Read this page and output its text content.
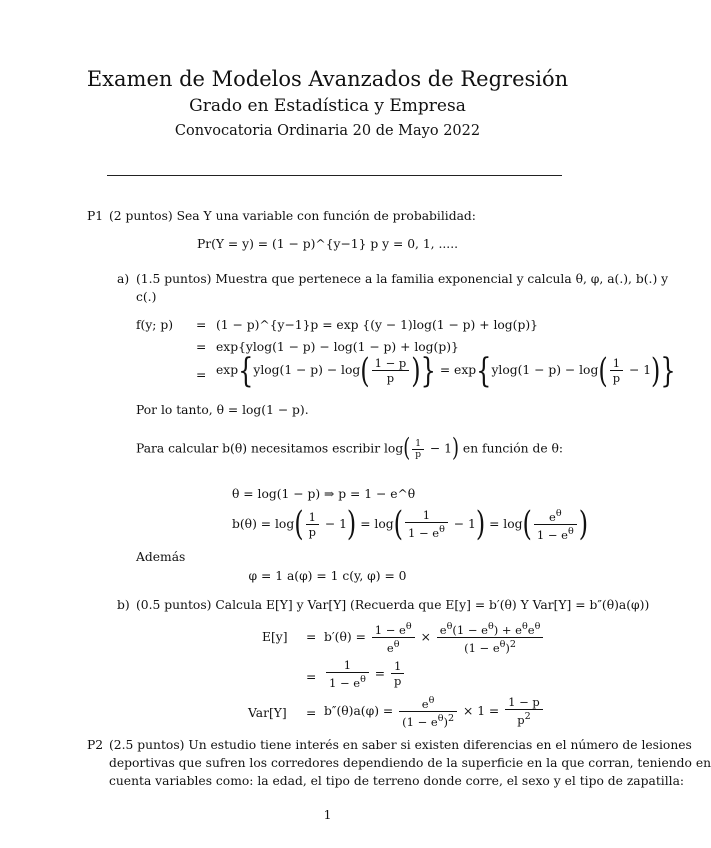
Examen de Modelos Avanzados de Regresión
Grado en Estadística y Empresa
Convocatoria Ordinaria 20 de Mayo 2022
P1 (2 puntos) Sea Y una variable con función de probabilidad:
Pr(Y = y) = (1 − p)^{y−1} p y = 0, 1, .....
a) (1.5 puntos) Muestra que pertenece a la familia exponencial y calcula θ, φ, a(.), b(.) y
c(.)
f(y; p) = (1 − p)^{y−1}p = exp {(y − 1)log(1 − p) + log(p)}
= exp{ylog(1 − p) − log(1 − p) + log(p)}
= $\exp\{ylog(1 - p) - \log( \frac{1 - p}{p}$ )} = $\exp\{ylog(1 - p) - \log( \frac{1}{p} - 1)\}$
Por lo tanto, θ = log(1 − p).
Para calcular b(θ) necesitamos escribir $\log( \frac{1}{p} - 1)$ en función de θ:
θ = log(1 − p) ⇒ p = 1 − e^θ
$b(\theta) = \log( \frac{1}{p} - 1) = \log( \frac{1}{1 - e^\theta} - 1) = \log( \frac{e^\theta}{1 - e^\theta}$ )
Además
φ = 1 a(φ) = 1 c(y, φ) = 0
b) (0.5 puntos) Calcula E[Y] y Var[Y] (Recuerda que E[y] = b′(θ) Y Var[Y] = b″(θ)a(φ))
$E[y] = b'(\theta) = \frac{1 - e^\theta}{e^\theta} \times \frac{e^\theta(1 - e^\theta) + e^\theta e^\theta}{(1 - e^\theta)^2}$
= $\frac{1}{1 - e^\theta} = \frac{1}{p}$
$Var[Y] = b''(\theta)a(\varphi) = \frac{e^\theta}{(1 - e^\theta)^2} \times 1 = \frac{1 - p}{p^2}$
P2 (2.5 puntos) Un estudio tiene interés en saber si existen diferencias en el número de lesiones
deportivas que sufren los corredores dependiendo de la superficie en la que corran, teniendo en
cuenta variables como: la edad, el tipo de terreno donde corre, el sexo y el tipo de zapatilla:
1
